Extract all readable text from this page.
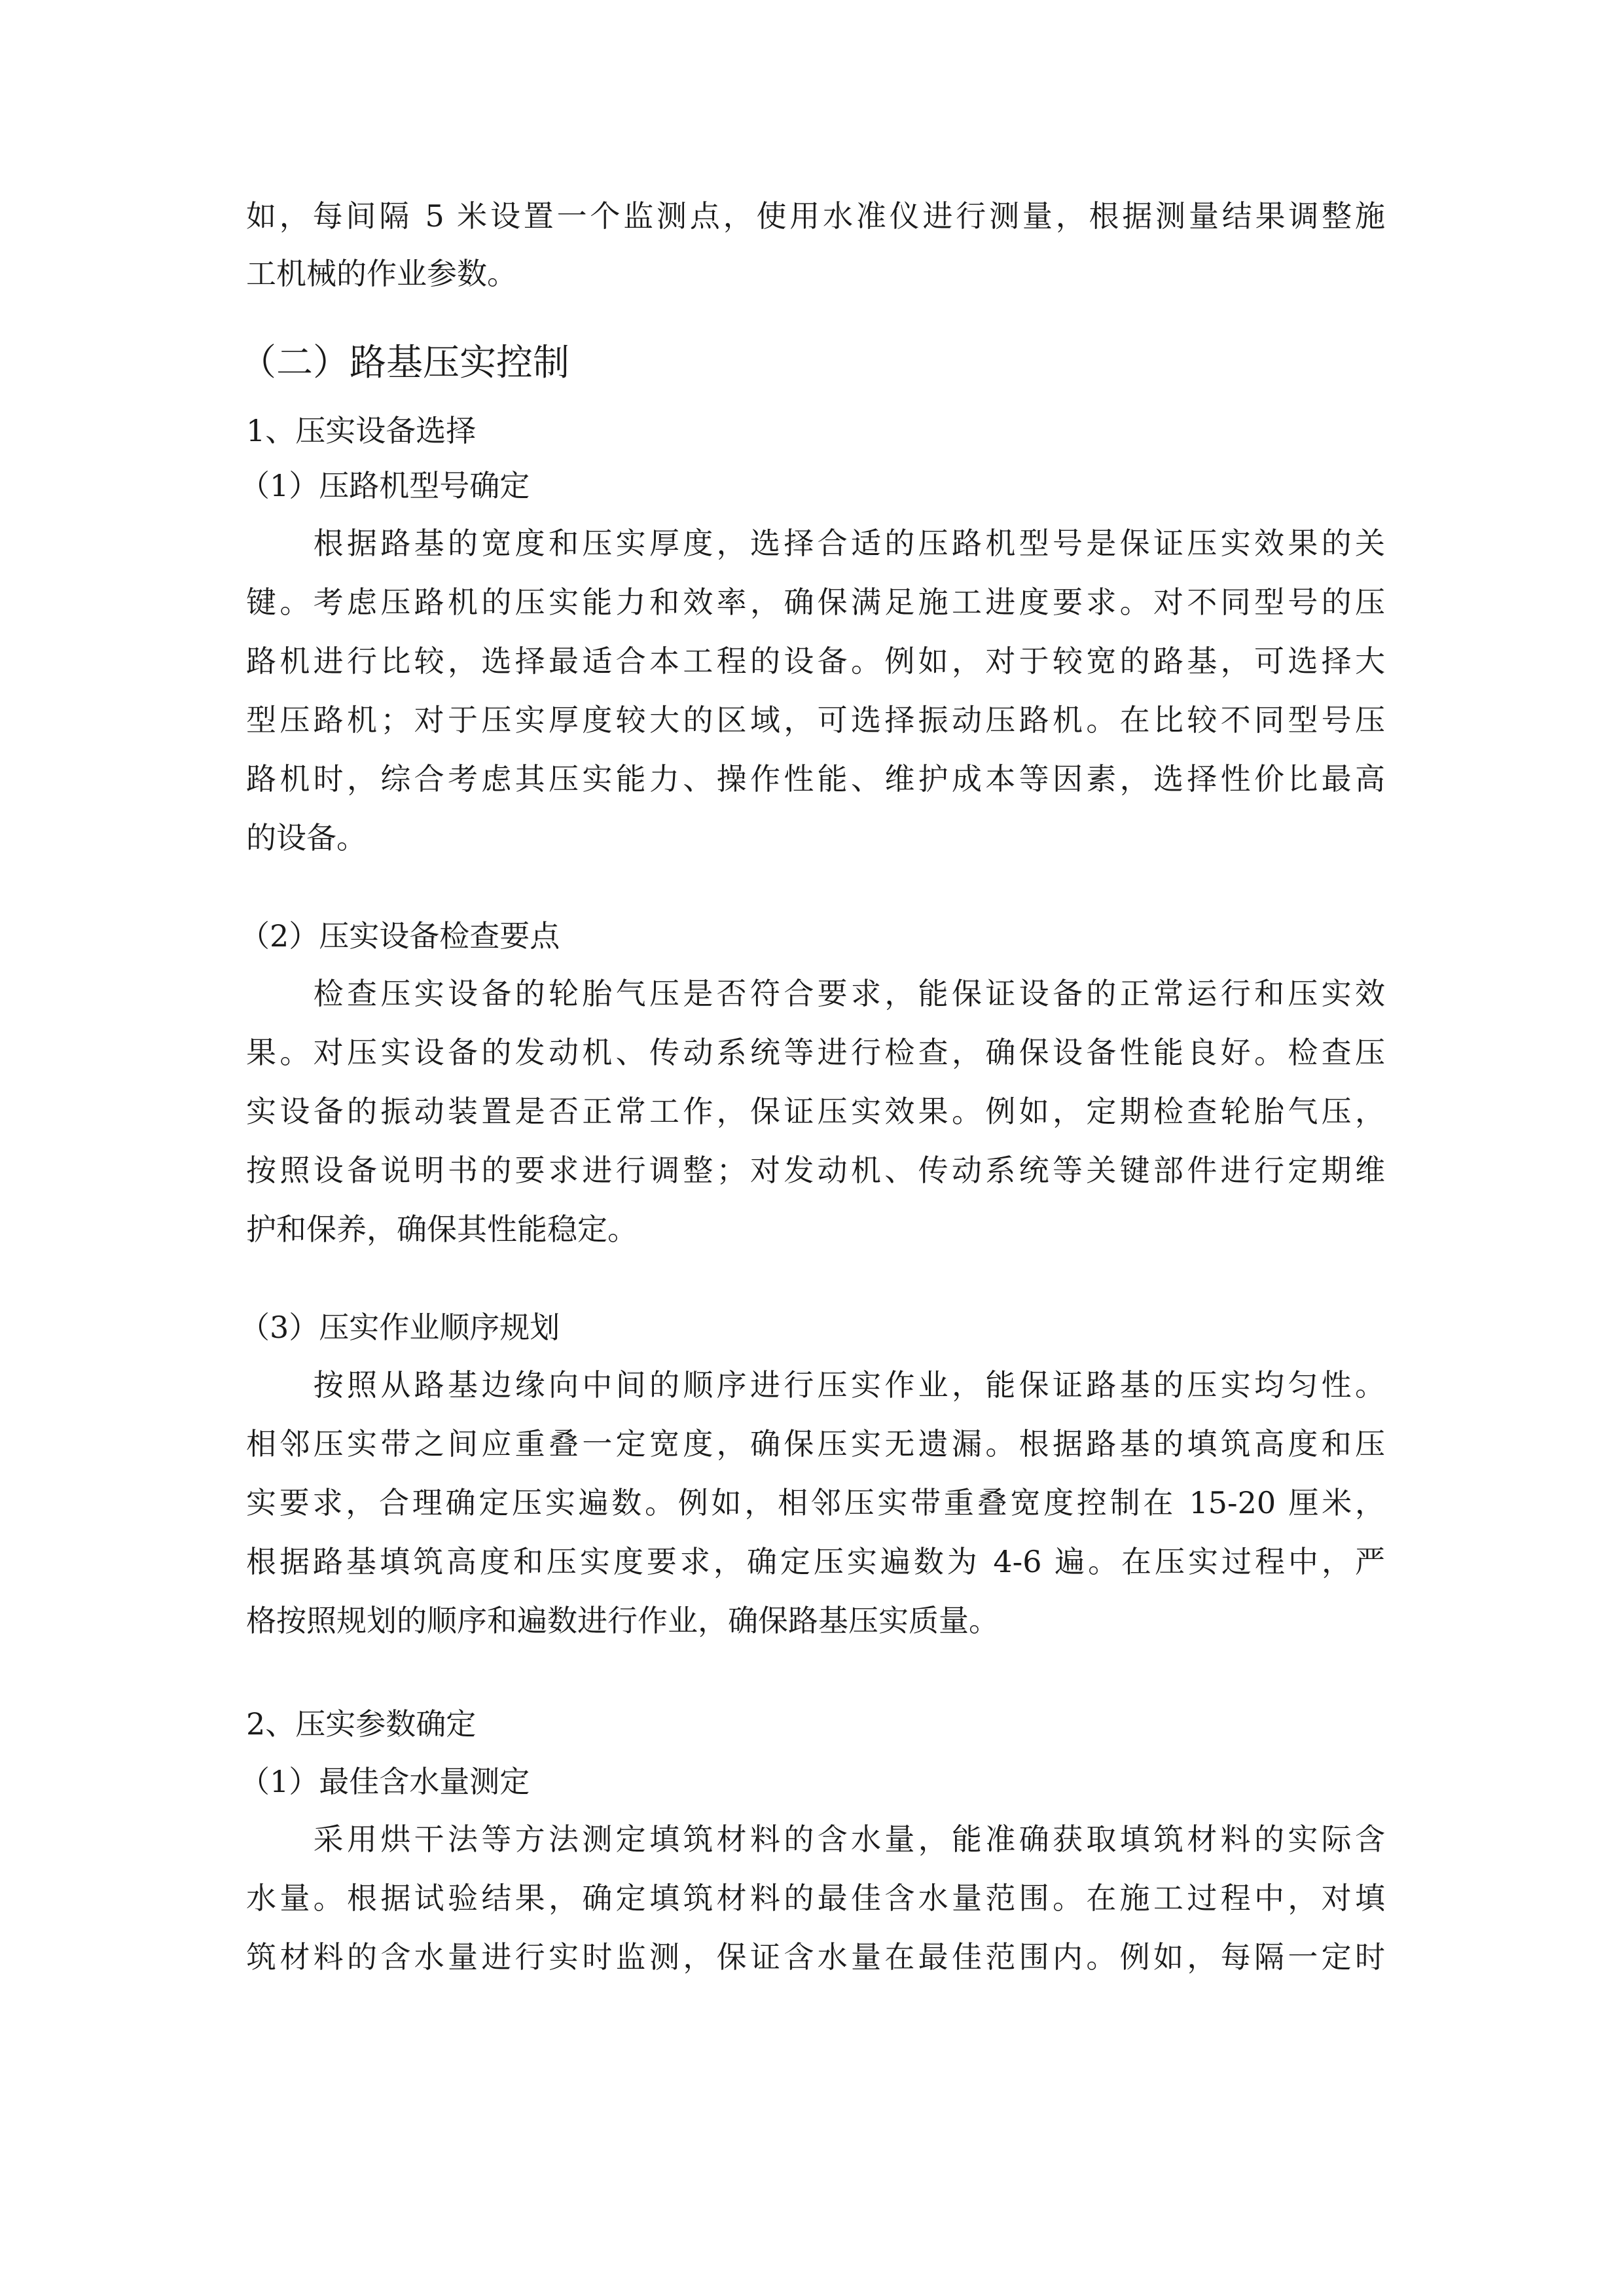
如，每间隔 5 米设置一个监测点，使用水准仪进行测量，根据测量结果调整施
工机械的作业参数。
（二）路基压实控制
1、压实设备选择
（1）压路机型号确定
　　根据路基的宽度和压实厚度，选择合适的压路机型号是保证压实效果的关
键。考虑压路机的压实能力和效率，确保满足施工进度要求。对不同型号的压
路机进行比较，选择最适合本工程的设备。例如，对于较宽的路基，可选择大
型压路机；对于压实厚度较大的区域，可选择振动压路机。在比较不同型号压
路机时，综合考虑其压实能力、操作性能、维护成本等因素，选择性价比最高
的设备。
（2）压实设备检查要点
　　检查压实设备的轮胎气压是否符合要求，能保证设备的正常运行和压实效
果。对压实设备的发动机、传动系统等进行检查，确保设备性能良好。检查压
实设备的振动装置是否正常工作，保证压实效果。例如，定期检查轮胎气压，
按照设备说明书的要求进行调整；对发动机、传动系统等关键部件进行定期维
护和保养，确保其性能稳定。
（3）压实作业顺序规划
　　按照从路基边缘向中间的顺序进行压实作业，能保证路基的压实均匀性。
相邻压实带之间应重叠一定宽度，确保压实无遗漏。根据路基的填筑高度和压
实要求，合理确定压实遍数。例如，相邻压实带重叠宽度控制在 15-20 厘米，
根据路基填筑高度和压实度要求，确定压实遍数为 4-6 遍。在压实过程中，严
格按照规划的顺序和遍数进行作业，确保路基压实质量。
2、压实参数确定
（1）最佳含水量测定
　　采用烘干法等方法测定填筑材料的含水量，能准确获取填筑材料的实际含
水量。根据试验结果，确定填筑材料的最佳含水量范围。在施工过程中，对填
筑材料的含水量进行实时监测，保证含水量在最佳范围内。例如，每隔一定时
